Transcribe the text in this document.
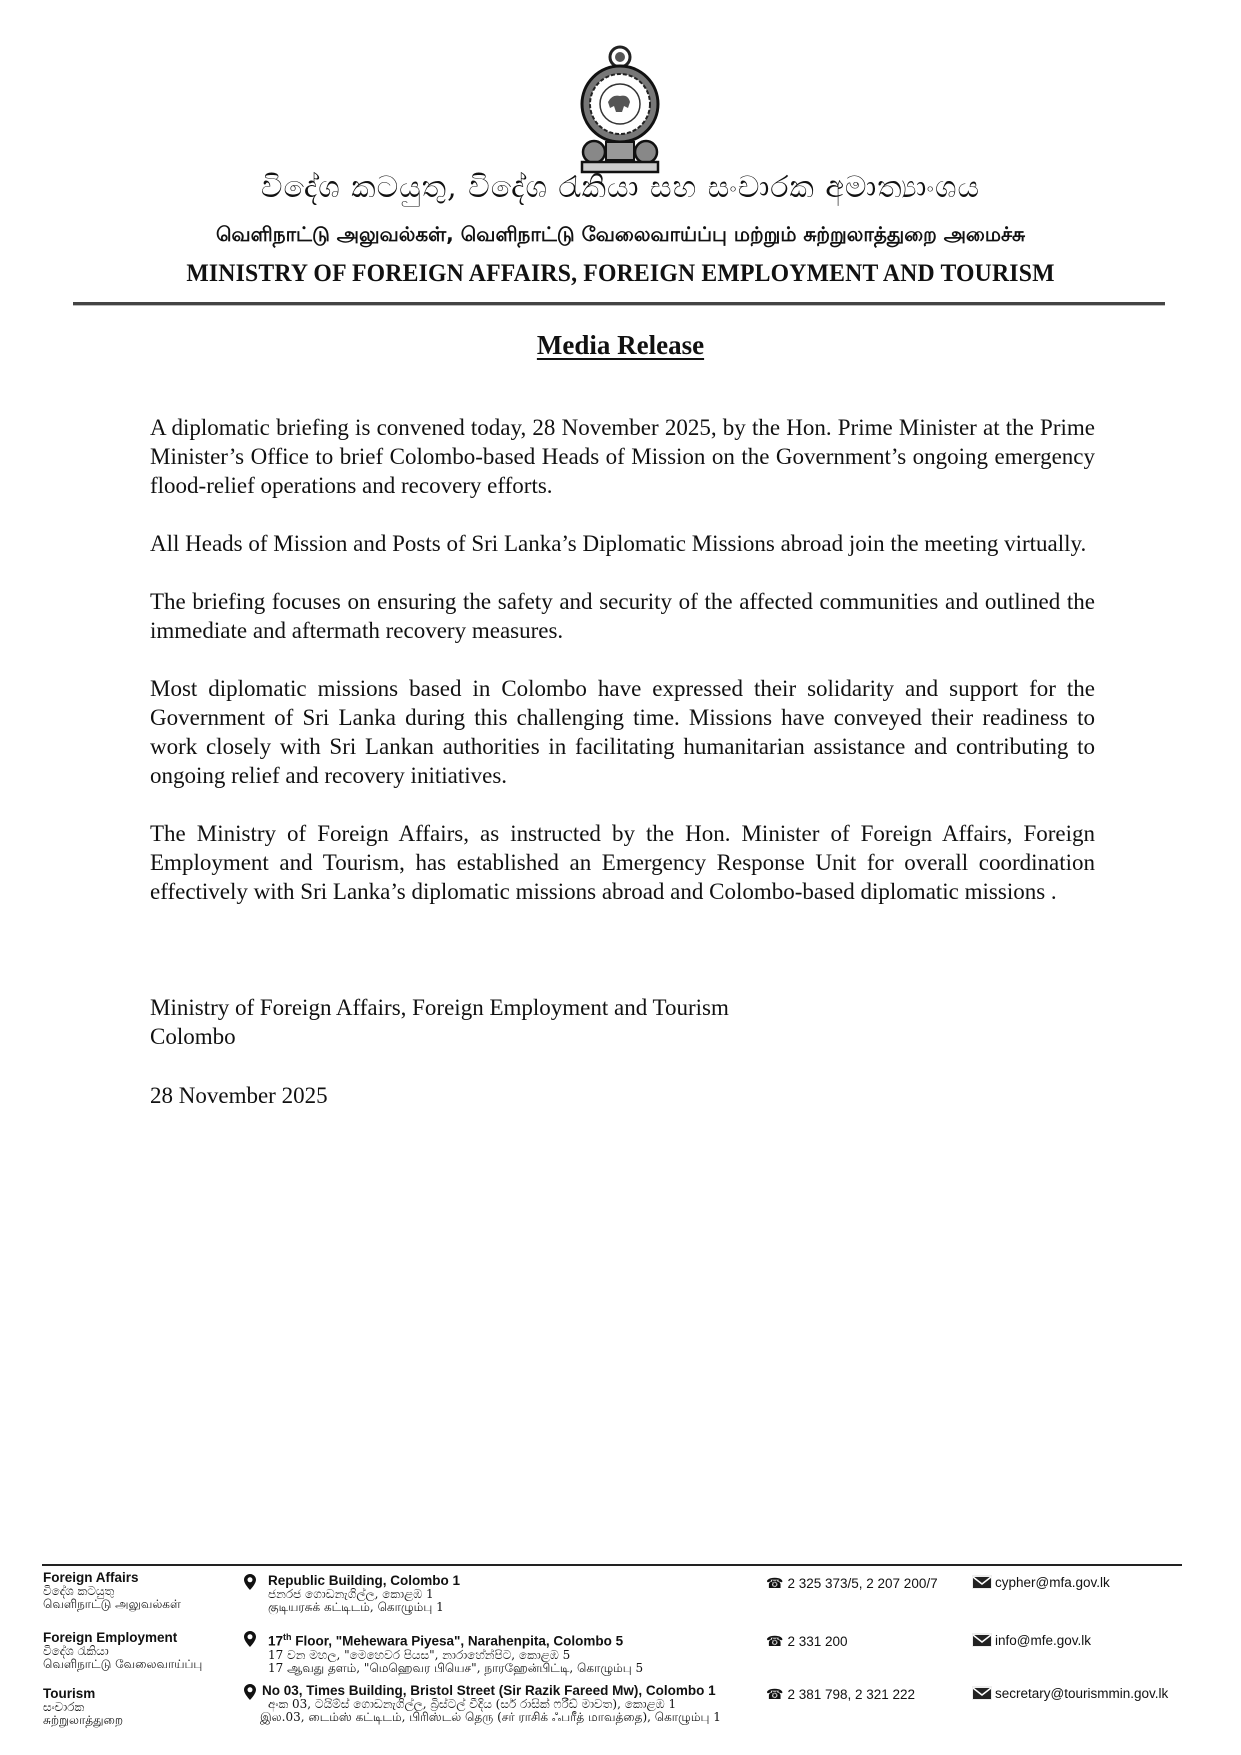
විදේශ කටයුතු, විදේශ රැකියා සහ සංචාරක අමාත්‍යාංශය
வெளிநாட்டு அலுவல்கள், வெளிநாட்டு வேலைவாய்ப்பு மற்றும் சுற்றுலாத்துறை அமைச்சு
MINISTRY OF FOREIGN AFFAIRS, FOREIGN EMPLOYMENT AND TOURISM
Media Release

A diplomatic briefing is convened today, 28 November 2025, by the Hon. Prime Minister at the Prime Minister’s Office to brief Colombo-based Heads of Mission on the Government’s ongoing emergency flood-relief operations and recovery efforts.

All Heads of Mission and Posts of Sri Lanka’s Diplomatic Missions abroad join the meeting virtually.

The briefing focuses on ensuring the safety and security of the affected communities and outlined the immediate and aftermath recovery measures.

Most diplomatic missions based in Colombo have expressed their solidarity and support for the Government of Sri Lanka during this challenging time. Missions have conveyed their readiness to work closely with Sri Lankan authorities in facilitating humanitarian assistance and contributing to ongoing relief and recovery initiatives.

The Ministry of Foreign Affairs, as instructed by the Hon. Minister of Foreign Affairs, Foreign Employment and Tourism, has established an Emergency Response Unit for overall coordination effectively with Sri Lanka’s diplomatic missions abroad and Colombo-based diplomatic missions .

Ministry of Foreign Affairs, Foreign Employment and Tourism
Colombo
28 November 2025
Foreign Affairs
විදේශ කටයුතු
வெளிநாட்டு அலுவல்கள்
Republic Building, Colombo 1
ජනරජ ගොඩනැගිල්ල, කොළඹ 1
குடியரசுக் கட்டிடம், கொழும்பு 1
☎ 2 325 373/5, 2 207 200/7	cypher@mfa.gov.lk
Foreign Employment
විදේශ රැකියා
வெளிநாட்டு வேலைவாய்ப்பு
17th Floor, "Mehewara Piyesa", Narahenpita, Colombo 5
17 වන මහල, "මෙහෙවර පියස", නාරාහේන්පිට, කොළඹ 5
17 ஆவது தளம், "மெஹெவர பியெச", நாரஹேன்பிட்டி, கொழும்பு 5
☎ 2 331 200	info@mfe.gov.lk
Tourism
සංචාරක
சுற்றுலாத்துறை
No 03, Times Building, Bristol Street (Sir Razik Fareed Mw), Colombo 1
අංක 03, ටයිම්ස් ගොඩනැගිල්ල, බ්‍රිස්ටල් වීදිය (සර් රාසික් ෆරීඩ් මාවත), කොළඹ 1
இல.03, டைம்ஸ் கட்டிடம், பிரிஸ்டல் தெரு (சர் ராசிக் ஃபரீத் மாவத்தை), கொழும்பு 1
☎ 2 381 798, 2 321 222	secretary@tourismmin.gov.lk
